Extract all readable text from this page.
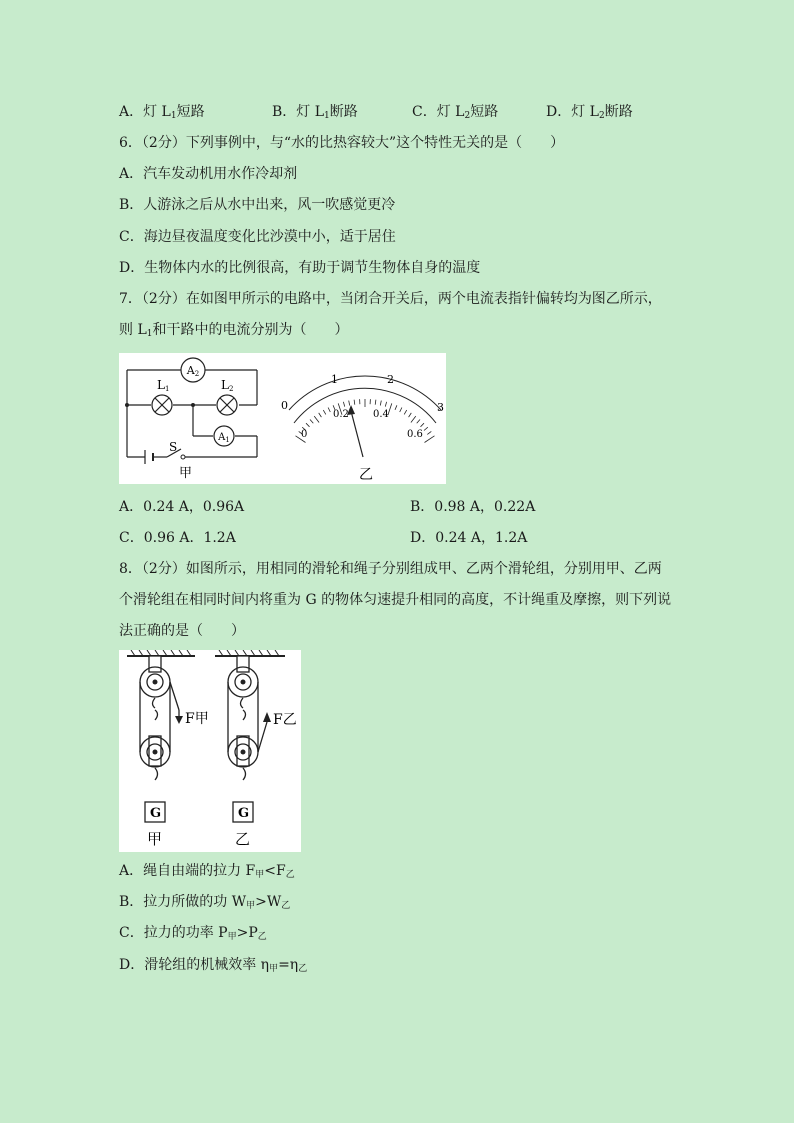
A．灯 $L_1$短路	B．灯 $L_1$断路	C．灯 $L_2$短路	D．灯 $L_2$断路
6．（2分）下列事例中，与“水的比热容较大”这个特性无关的是（　　）
A．汽车发动机用水作冷却剂
B．人游泳之后从水中出来，风一吹感觉更冷
C．海边昼夜温度变化比沙漠中小，适于居住
D．生物体内水的比例很高，有助于调节生物体自身的温度
7．（2分）在如图甲所示的电路中，当闭合开关后，两个电流表指针偏转均为图乙所示，
则 $L_1$和干路中的电流分别为（　　）
A2
$A_1$
L1	L2
S
甲
0
1	2
3
0
0.2 0.4
0.6
乙
A．0.24 A，0.96A	B．0.98 A，0.22A
C．0.96 A．1.2A	D．0.24 A，1.2A
8．（2分）如图所示，用相同的滑轮和绳子分别组成甲、乙两个滑轮组，分别用甲、乙两
个滑轮组在相同时间内将重为 G 的物体匀速提升相同的高度，不计绳重及摩擦，则下列说
法正确的是（　　）
F甲
G
甲
F乙
G
乙
A．绳自由端的拉力 $F_甲<F_乙$
B．拉力所做的功 $W_甲>W_乙$
C．拉力的功率 $P_甲>P_乙$
D．滑轮组的机械效率 $\eta_甲=\eta_乙$
